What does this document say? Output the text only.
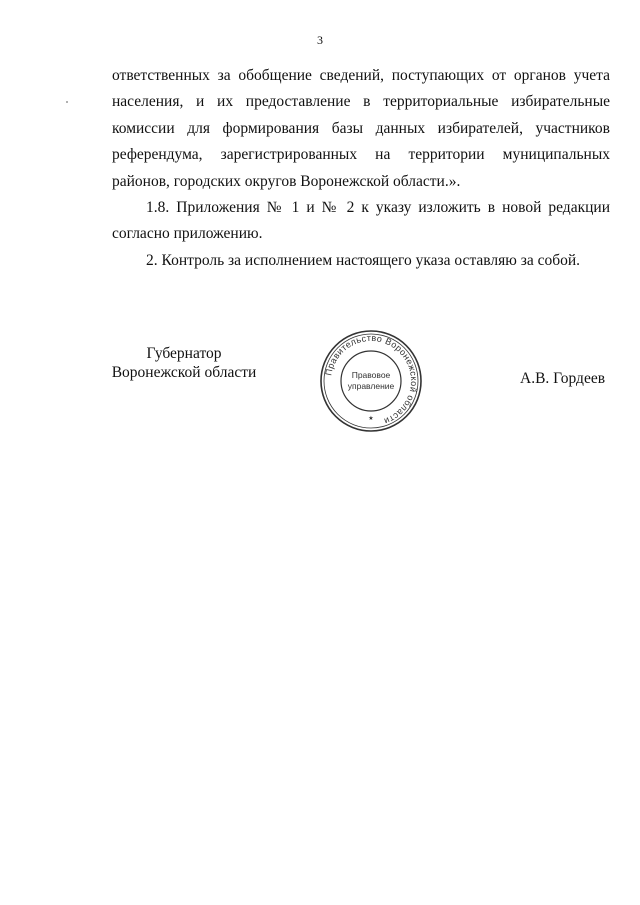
3

ответственных за обобщение сведений, поступающих от органов учета населения, и их предоставление в территориальные избирательные комиссии для формирования базы данных избирателей, участников референдума, зарегистрированных на территории муниципальных районов, городских округов Воронежской области.».

1.8. Приложения № 1 и № 2 к указу изложить в новой редакции согласно приложению.

2. Контроль за исполнением настоящего указа оставляю за собой.

Губернатор
Воронежской области	Правительство Воронежской области
Правовое
управление
★
А.В. Гордеев
